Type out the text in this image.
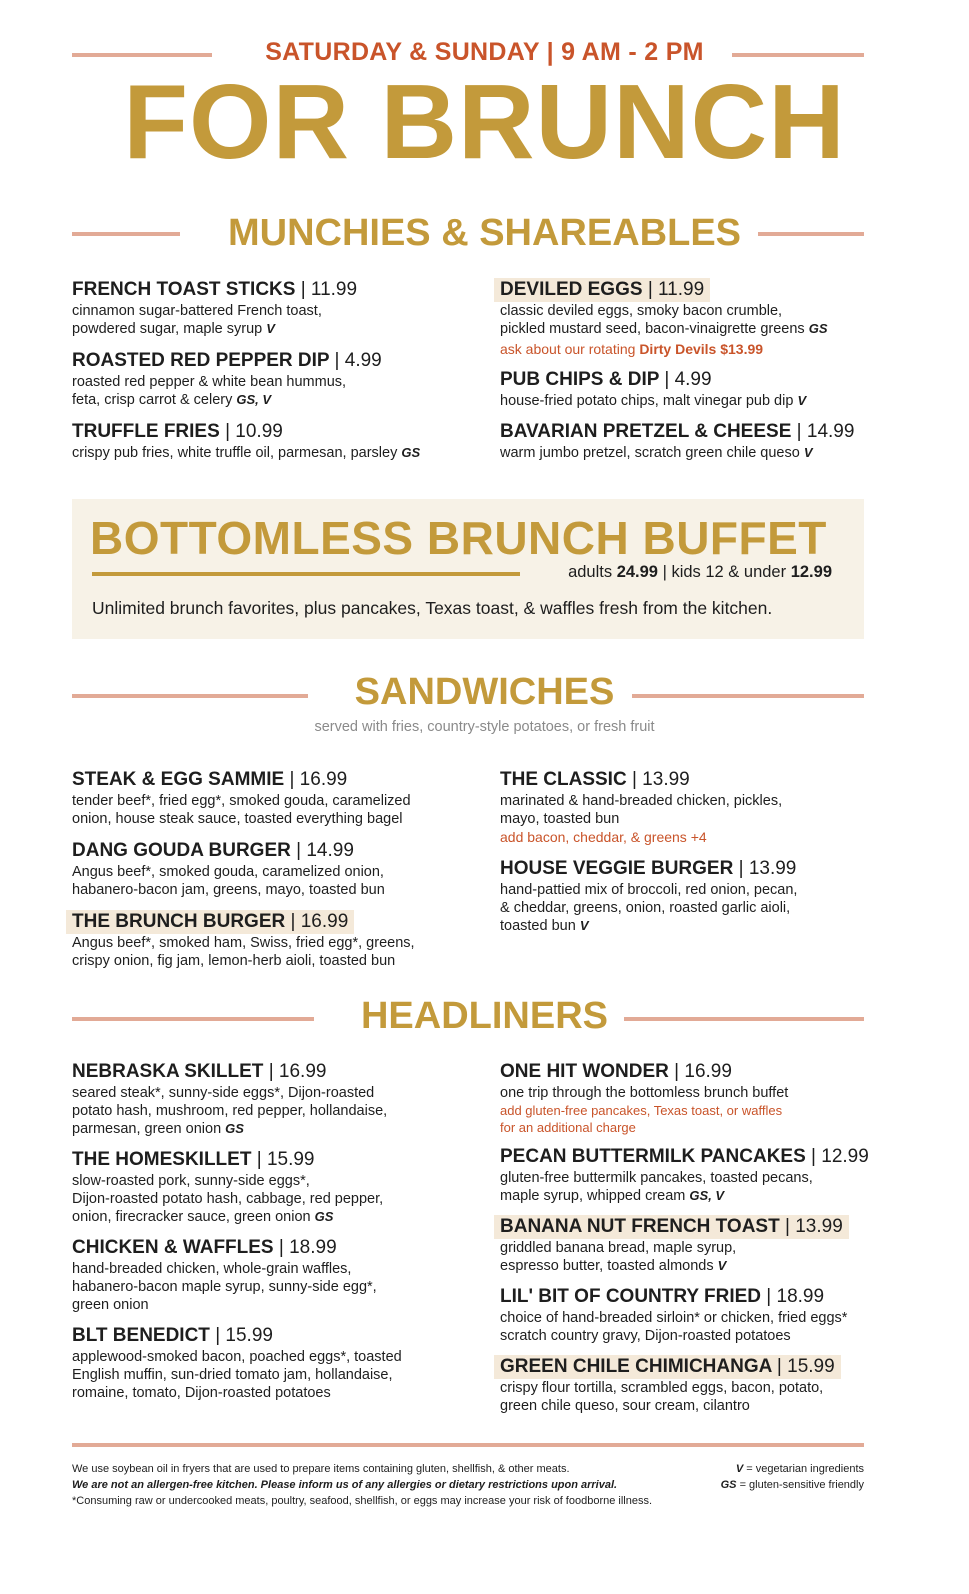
SATURDAY & SUNDAY | 9 AM - 2 PM
FOR BRUNCH
MUNCHIES & SHAREABLES
FRENCH TOAST STICKS | 11.99
cinnamon sugar-battered French toast,
powdered sugar, maple syrup V
ROASTED RED PEPPER DIP | 4.99
roasted red pepper & white bean hummus,
feta, crisp carrot & celery GS, V
TRUFFLE FRIES | 10.99
crispy pub fries, white truffle oil, parmesan, parsley GS
DEVILED EGGS | 11.99
classic deviled eggs, smoky bacon crumble,
pickled mustard seed, bacon-vinaigrette greens GS
ask about our rotating Dirty Devils $13.99
PUB CHIPS & DIP | 4.99
house-fried potato chips, malt vinegar pub dip V
BAVARIAN PRETZEL & CHEESE | 14.99
warm jumbo pretzel, scratch green chile queso V
BOTTOMLESS BRUNCH BUFFET
adults 24.99 | kids 12 & under 12.99
Unlimited brunch favorites, plus pancakes, Texas toast, & waffles fresh from the kitchen.
SANDWICHES
served with fries, country-style potatoes, or fresh fruit
STEAK & EGG SAMMIE | 16.99
tender beef*, fried egg*, smoked gouda, caramelized
onion, house steak sauce, toasted everything bagel
DANG GOUDA BURGER | 14.99
Angus beef*, smoked gouda, caramelized onion,
habanero-bacon jam, greens, mayo, toasted bun
THE BRUNCH BURGER | 16.99
Angus beef*, smoked ham, Swiss, fried egg*, greens,
crispy onion, fig jam, lemon-herb aioli, toasted bun
THE CLASSIC | 13.99
marinated & hand-breaded chicken, pickles,
mayo, toasted bun
add bacon, cheddar, & greens +4
HOUSE VEGGIE BURGER | 13.99
hand-pattied mix of broccoli, red onion, pecan,
& cheddar, greens, onion, roasted garlic aioli,
toasted bun V
HEADLINERS
NEBRASKA SKILLET | 16.99
seared steak*, sunny-side eggs*, Dijon-roasted
potato hash, mushroom, red pepper, hollandaise,
parmesan, green onion GS
THE HOMESKILLET | 15.99
slow-roasted pork, sunny-side eggs*,
Dijon-roasted potato hash, cabbage, red pepper,
onion, firecracker sauce, green onion GS
CHICKEN & WAFFLES | 18.99
hand-breaded chicken, whole-grain waffles,
habanero-bacon maple syrup, sunny-side egg*,
green onion
BLT BENEDICT | 15.99
applewood-smoked bacon, poached eggs*, toasted
English muffin, sun-dried tomato jam, hollandaise,
romaine, tomato, Dijon-roasted potatoes
ONE HIT WONDER | 16.99
one trip through the bottomless brunch buffet
add gluten-free pancakes, Texas toast, or waffles
for an additional charge
PECAN BUTTERMILK PANCAKES | 12.99
gluten-free buttermilk pancakes, toasted pecans,
maple syrup, whipped cream GS, V
BANANA NUT FRENCH TOAST | 13.99
griddled banana bread, maple syrup,
espresso butter, toasted almonds V
LIL' BIT OF COUNTRY FRIED | 18.99
choice of hand-breaded sirloin* or chicken, fried eggs*
scratch country gravy, Dijon-roasted potatoes
GREEN CHILE CHIMICHANGA | 15.99
crispy flour tortilla, scrambled eggs, bacon, potato,
green chile queso, sour cream, cilantro
We use soybean oil in fryers that are used to prepare items containing gluten, shellfish, & other meats.
We are not an allergen-free kitchen. Please inform us of any allergies or dietary restrictions upon arrival.
*Consuming raw or undercooked meats, poultry, seafood, shellfish, or eggs may increase your risk of foodborne illness.
V = vegetarian ingredients
GS = gluten-sensitive friendly
